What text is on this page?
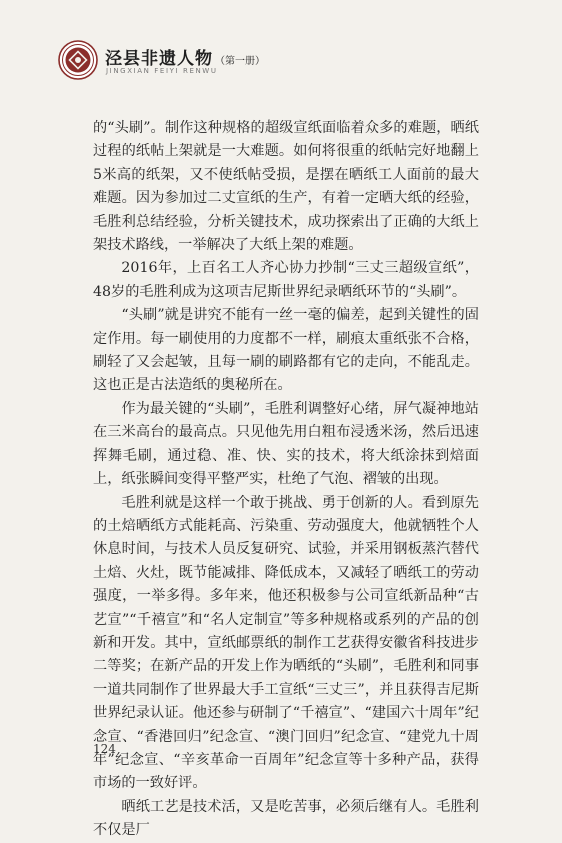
泾县非遗人物 （第一册）
JINGXIAN FEIYI RENWU

的“头刷”。制作这种规格的超级宣纸面临着众多的难题，晒纸过程的纸帖上架就是一大难题。如何将很重的纸帖完好地翻上5米高的纸架，又不使纸帖受损，是摆在晒纸工人面前的最大难题。因为参加过二丈宣纸的生产，有着一定晒大纸的经验，毛胜利总结经验，分析关键技术，成功探索出了正确的大纸上架技术路线，一举解决了大纸上架的难题。

2016年，上百名工人齐心协力抄制“三丈三超级宣纸”，48岁的毛胜利成为这项吉尼斯世界纪录晒纸环节的“头刷”。

“头刷”就是讲究不能有一丝一毫的偏差，起到关键性的固定作用。每一刷使用的力度都不一样，刷痕太重纸张不合格，刷轻了又会起皱，且每一刷的刷路都有它的走向，不能乱走。这也正是古法造纸的奥秘所在。

作为最关键的“头刷”，毛胜利调整好心绪，屏气凝神地站在三米高台的最高点。只见他先用白粗布浸透米汤，然后迅速挥舞毛刷，通过稳、准、快、实的技术，将大纸涂抹到焙面上，纸张瞬间变得平整严实，杜绝了气泡、褶皱的出现。

毛胜利就是这样一个敢于挑战、勇于创新的人。看到原先的土焙晒纸方式能耗高、污染重、劳动强度大，他就牺牲个人休息时间，与技术人员反复研究、试验，并采用钢板蒸汽替代土焙、火灶，既节能减排、降低成本，又减轻了晒纸工的劳动强度，一举多得。多年来，他还积极参与公司宣纸新品种“古艺宣”“千禧宣”和“名人定制宣”等多种规格或系列的产品的创新和开发。其中，宣纸邮票纸的制作工艺获得安徽省科技进步二等奖；在新产品的开发上作为晒纸的“头刷”，毛胜利和同事一道共同制作了世界最大手工宣纸“三丈三”，并且获得吉尼斯世界纪录认证。他还参与研制了“千禧宣”、“建国六十周年”纪念宣、“香港回归”纪念宣、“澳门回归”纪念宣、“建党九十周年”纪念宣、“辛亥革命一百周年”纪念宣等十多种产品，获得市场的一致好评。

晒纸工艺是技术活，又是吃苦事，必须后继有人。毛胜利不仅是厂

124
